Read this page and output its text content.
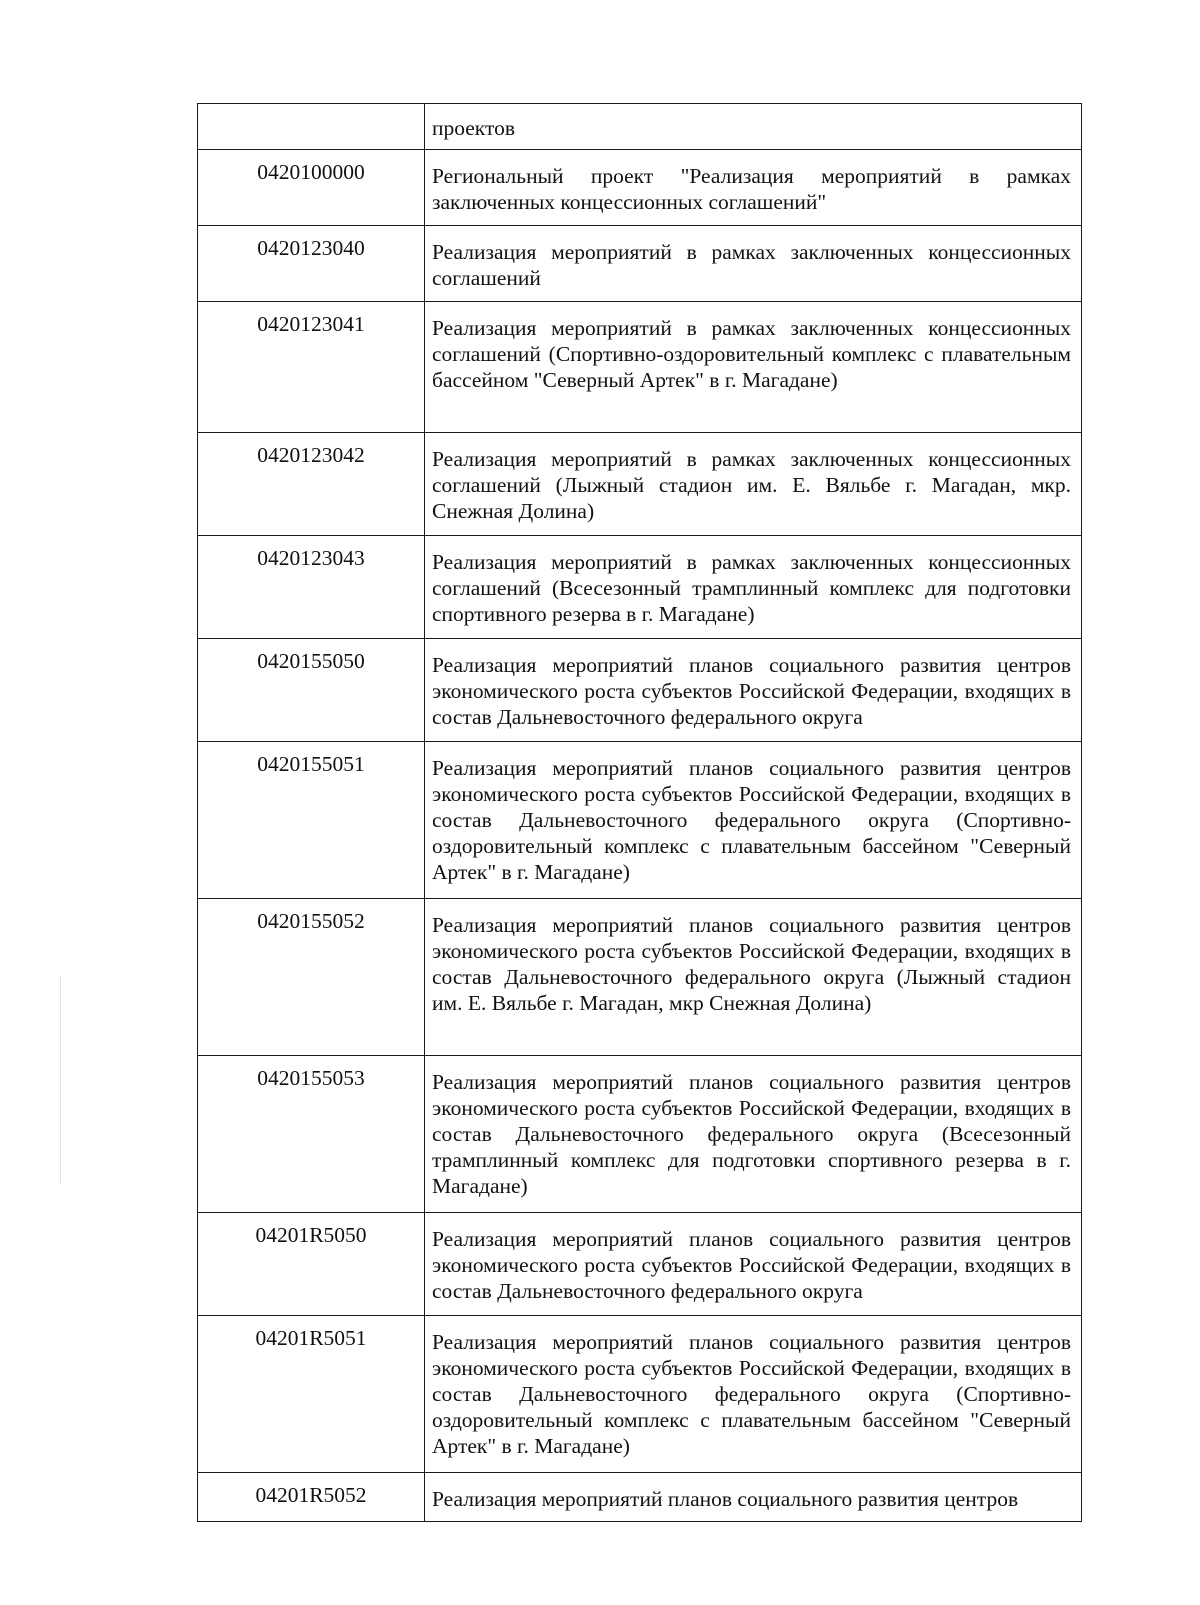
	проектов

0420100000	Региональный проект "Реализация мероприятий в рамках заключенных концессионных соглашений"

0420123040	Реализация мероприятий в рамках заключенных концессионных соглашений

0420123041	Реализация мероприятий в рамках заключенных концессионных соглашений (Спортивно-оздоровительный комплекс с плавательным бассейном "Северный Артек" в г. Магадане)

0420123042	Реализация мероприятий в рамках заключенных концессионных соглашений (Лыжный стадион им. Е. Вяльбе г. Магадан, мкр. Снежная Долина)

0420123043	Реализация мероприятий в рамках заключенных концессионных соглашений (Всесезонный трамплинный комплекс для подготовки спортивного резерва в г. Магадане)

0420155050	Реализация мероприятий планов социального развития центров экономического роста субъектов Российской Федерации, входящих в состав Дальневосточного федерального округа

0420155051	Реализация мероприятий планов социального развития центров экономического роста субъектов Российской Федерации, входящих в состав Дальневосточного федерального округа (Спортивно-оздоровительный комплекс с плавательным бассейном "Северный Артек" в г. Магадане)

0420155052	Реализация мероприятий планов социального развития центров экономического роста субъектов Российской Федерации, входящих в состав Дальневосточного федерального округа (Лыжный стадион им. Е. Вяльбе г. Магадан, мкр Снежная Долина)

0420155053	Реализация мероприятий планов социального развития центров экономического роста субъектов Российской Федерации, входящих в состав Дальневосточного федерального округа (Всесезонный трамплинный комплекс для подготовки спортивного резерва в г. Магадане)

04201R5050	Реализация мероприятий планов социального развития центров экономического роста субъектов Российской Федерации, входящих в состав Дальневосточного федерального округа

04201R5051	Реализация мероприятий планов социального развития центров экономического роста субъектов Российской Федерации, входящих в состав Дальневосточного федерального округа (Спортивно-оздоровительный комплекс с плавательным бассейном "Северный Артек" в г. Магадане)

04201R5052	Реализация мероприятий планов социального развития центров
